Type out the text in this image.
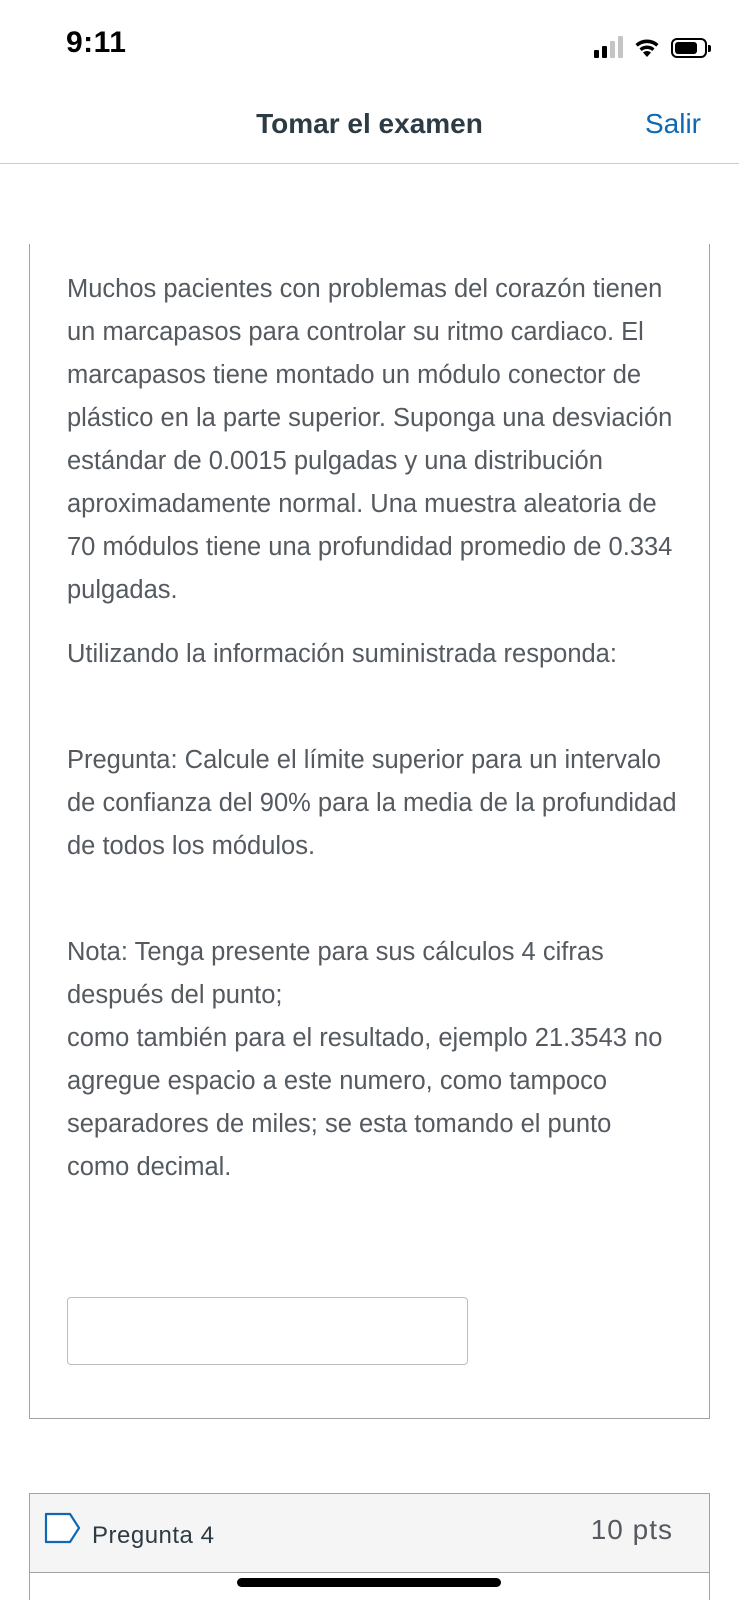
9:11
Tomar el examen	Salir

Muchos pacientes con problemas del corazón tienen un marcapasos para controlar su ritmo cardiaco. El marcapasos tiene montado un módulo conector de plástico en la parte superior. Suponga una desviación estándar de 0.0015 pulgadas y una distribución aproximadamente normal. Una muestra aleatoria de 70 módulos tiene una profundidad promedio de 0.334 pulgadas.

Utilizando la información suministrada responda:

Pregunta: Calcule el límite superior para un intervalo de confianza del 90% para la media de la profundidad de todos los módulos.

Nota: Tenga presente para sus cálculos 4 cifras después del punto;

como también para el resultado, ejemplo 21.3543 no agregue espacio a este numero, como tampoco separadores de miles; se esta tomando el punto como decimal.

Pregunta 4	10 pts
